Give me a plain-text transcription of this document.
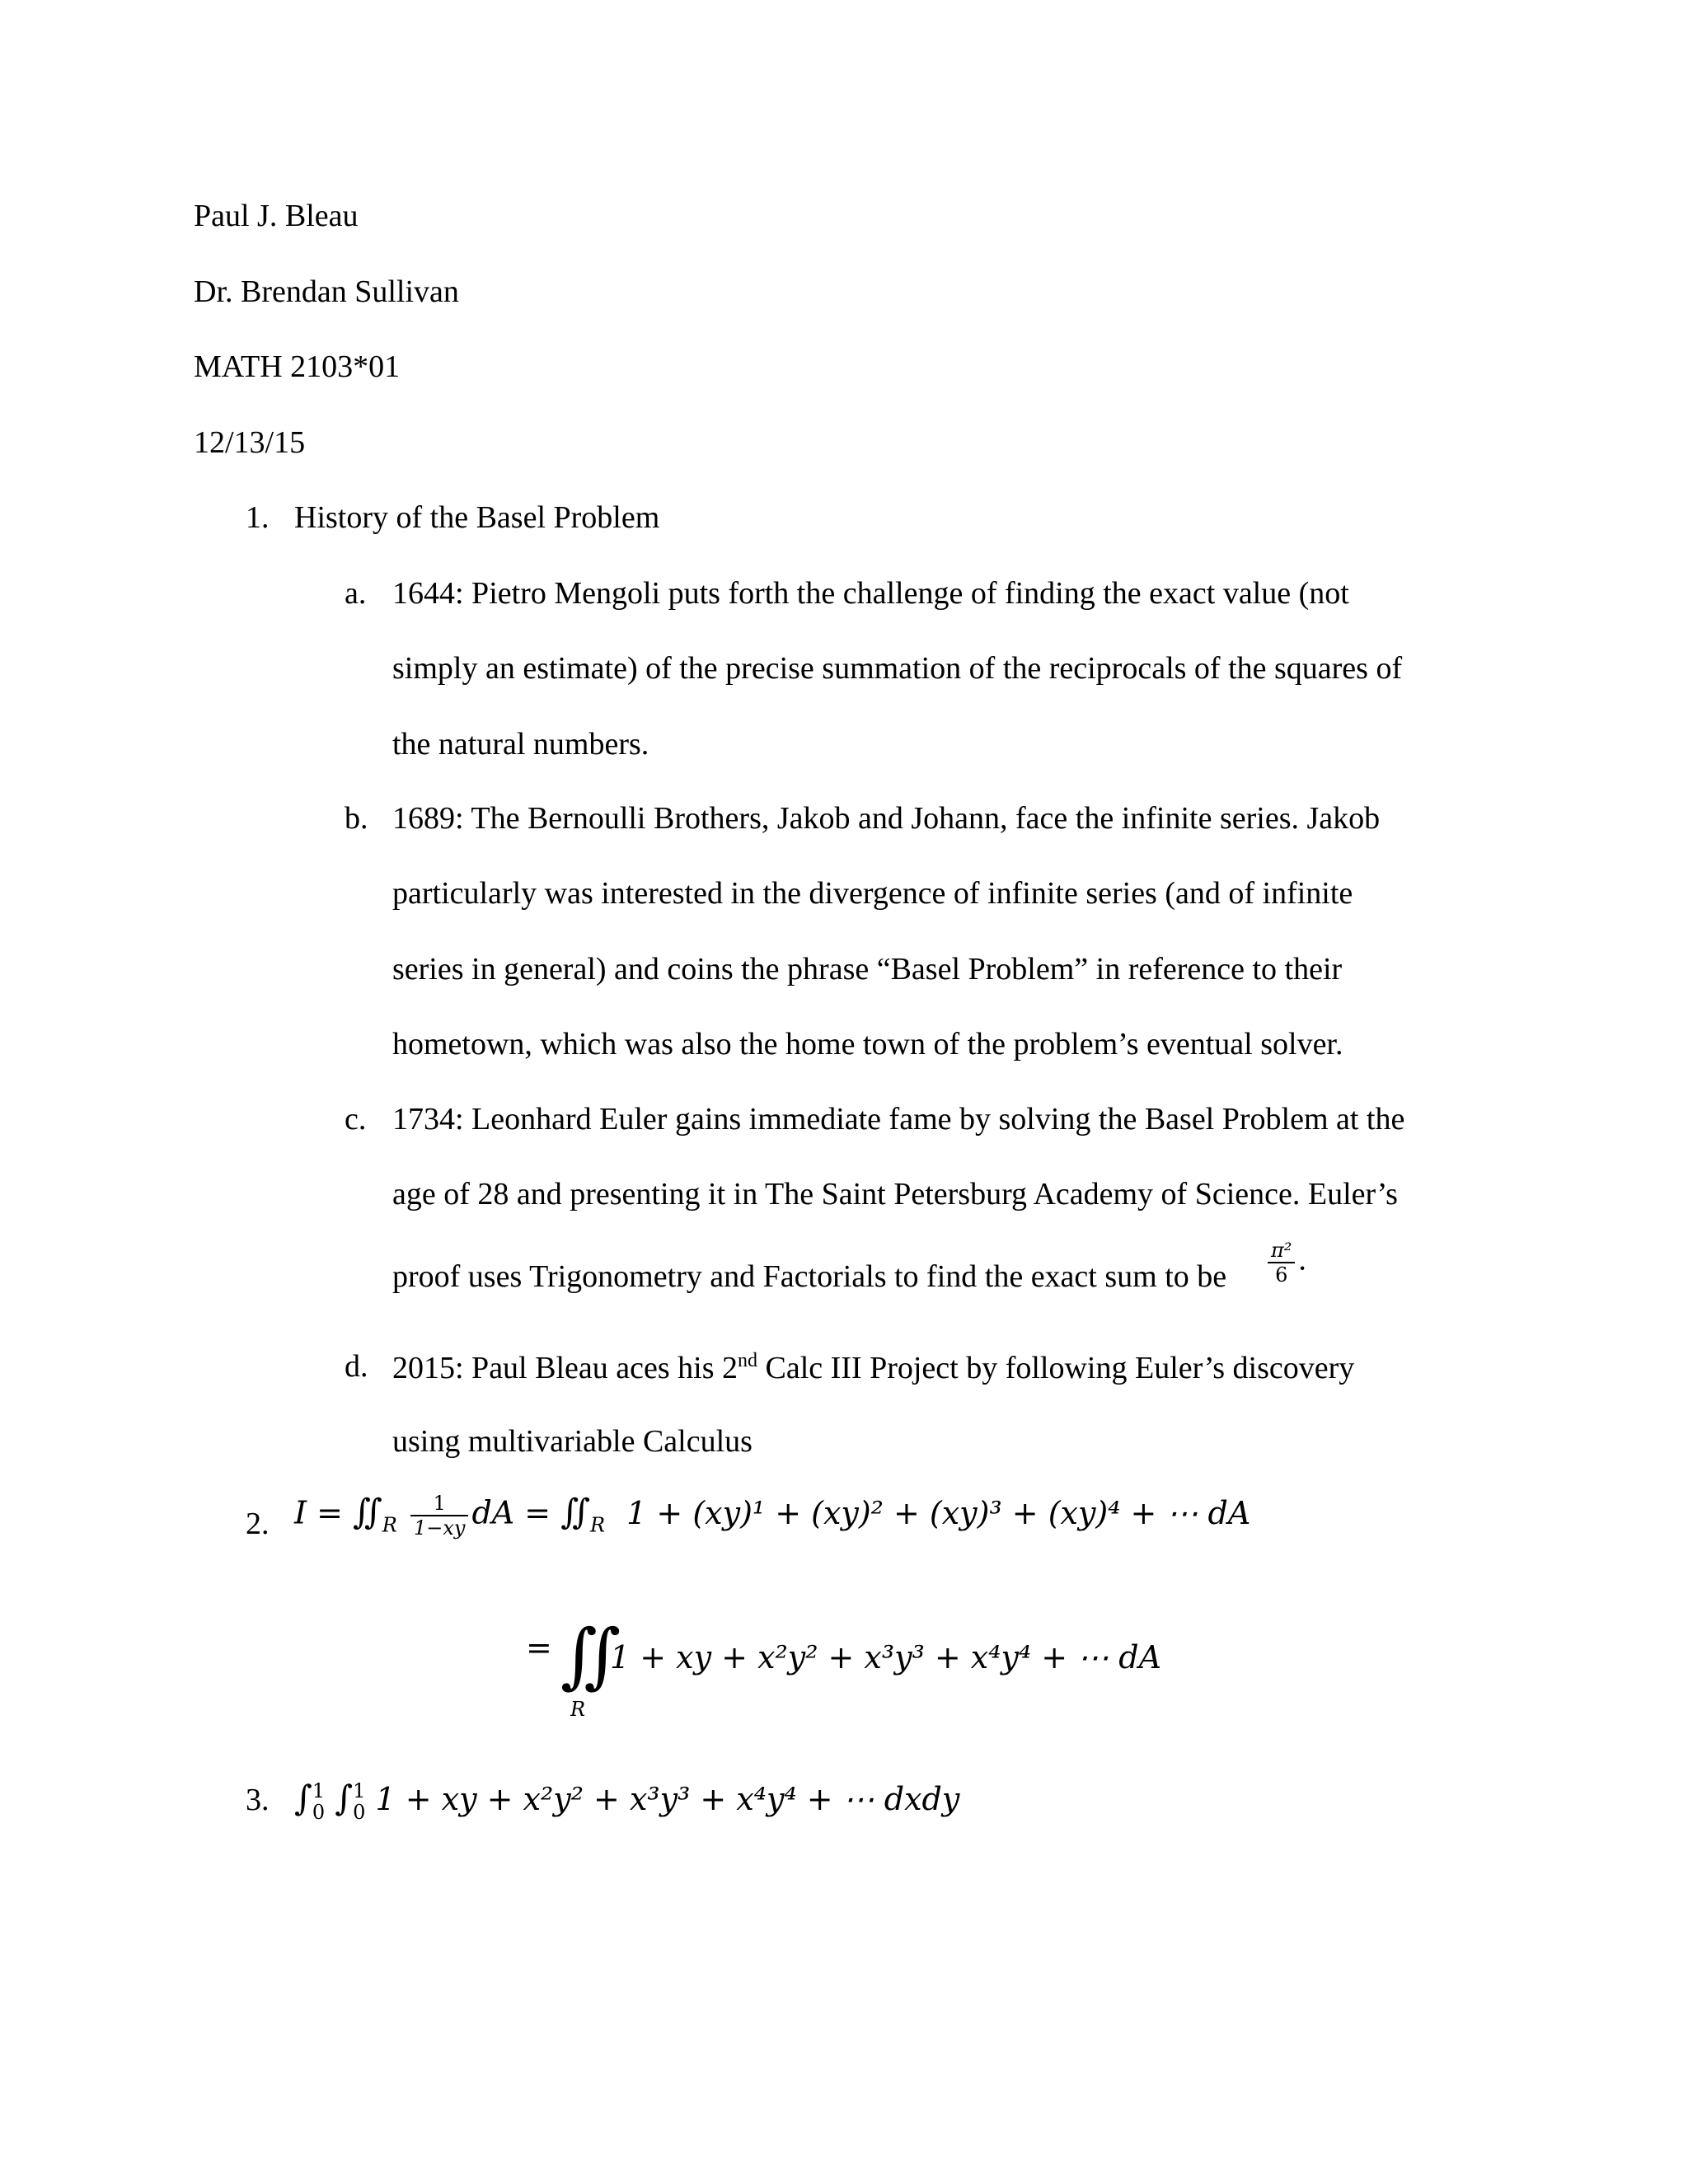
Paul J. Bleau
Dr. Brendan Sullivan
MATH 2103*01
12/13/15
1. History of the Basel Problem
a. 1644: Pietro Mengoli puts forth the challenge of finding the exact value (not
simply an estimate) of the precise summation of the reciprocals of the squares of
the natural numbers.
b. 1689: The Bernoulli Brothers, Jakob and Johann, face the infinite series. Jakob
particularly was interested in the divergence of infinite series (and of infinite
series in general) and coins the phrase “Basel Problem” in reference to their
hometown, which was also the home town of the problem’s eventual solver.
c. 1734: Leonhard Euler gains immediate fame by solving the Basel Problem at the
age of 28 and presenting it in The Saint Petersburg Academy of Science. Euler’s
proof uses Trigonometry and Factorials to find the exact sum to be $\frac{\text{π²}}{6}$ .
d. 2015: Paul Bleau aces his 2nd Calc III Project by following Euler’s discovery
using multivariable Calculus
2. $I = ∬_R \frac{1}{1-xy}$ dA = $∬_R$ 1 + (xy)¹ + (xy)² + (xy)³ + (xy)⁴ + ⋯ dA
= ∬
R
1 + xy + x²y² + x³y³ + x⁴y⁴ + ⋯ dA
3. ∫ 1
0 ∫ 1
0 1 + xy + x²y² + x³y³ + x⁴y⁴ + ⋯ dxdy
